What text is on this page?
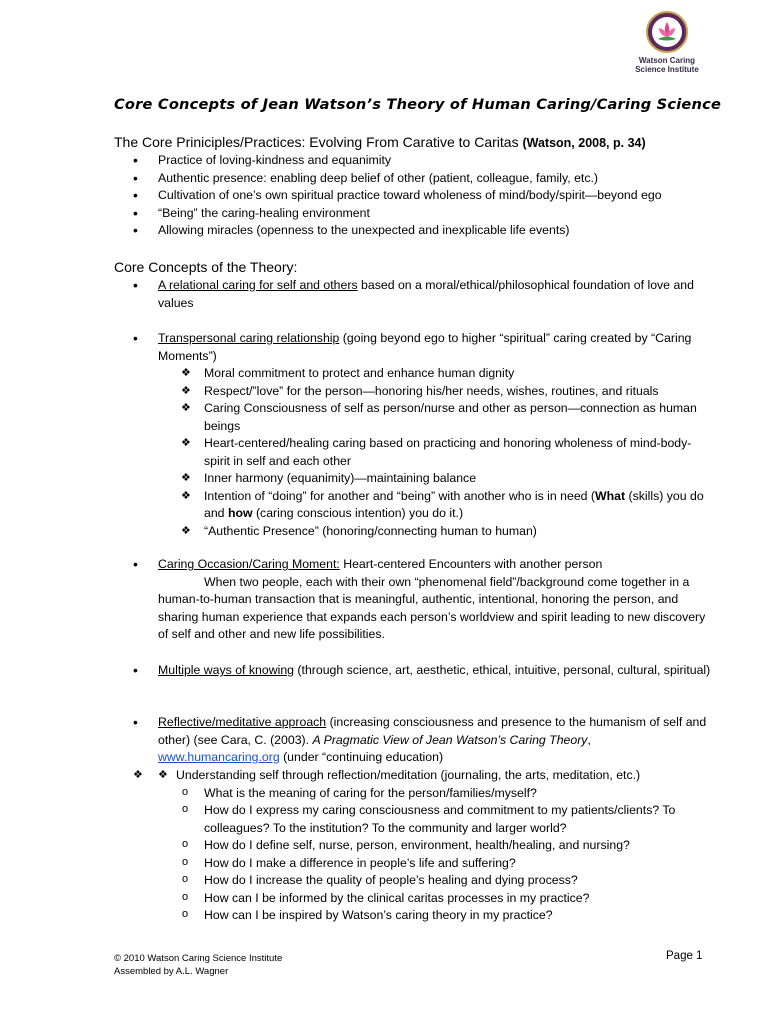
Watson Caring
Science Institute
Core Concepts of Jean Watson’s Theory of Human Caring/Caring Science
The Core Priniciples/Practices: Evolving From Carative to Caritas (Watson, 2008, p. 34)
• Practice of loving-kindness and equanimity
• Authentic presence: enabling deep belief of other (patient, colleague, family, etc.)
• Cultivation of one’s own spiritual practice toward wholeness of mind/body/spirit—beyond ego
• “Being” the caring-healing environment
• Allowing miracles (openness to the unexpected and inexplicable life events)
Core Concepts of the Theory:
• A relational caring for self and others based on a moral/ethical/philosophical foundation of love and values
• Transpersonal caring relationship (going beyond ego to higher “spiritual” caring created by “Caring Moments”)
❖ Moral commitment to protect and enhance human dignity
❖ Respect/”love” for the person—honoring his/her needs, wishes, routines, and rituals
❖ Caring Consciousness of self as person/nurse and other as person—connection as human beings
❖ Heart-centered/healing caring based on practicing and honoring wholeness of mind-body-spirit in self and each other
❖ Inner harmony (equanimity)—maintaining balance
❖ Intention of “doing” for another and “being” with another who is in need (What (skills) you do and how (caring conscious intention) you do it.)
❖ “Authentic Presence” (honoring/connecting human to human)
• Caring Occasion/Caring Moment: Heart-centered Encounters with another person
When two people, each with their own “phenomenal field”/background come together in a human-to-human transaction that is meaningful, authentic, intentional, honoring the person, and sharing human experience that expands each person’s worldview and spirit leading to new discovery of self and other and new life possibilities.
• Multiple ways of knowing (through science, art, aesthetic, ethical, intuitive, personal, cultural, spiritual)
• Reflective/meditative approach (increasing consciousness and presence to the humanism of self and other) (see Cara, C. (2003). A Pragmatic View of Jean Watson’s Caring Theory, www.humancaring.org (under “continuing education)
❖ ❖ Understanding self through reflection/meditation (journaling, the arts, meditation, etc.)
o What is the meaning of caring for the person/families/myself?
o How do I express my caring consciousness and commitment to my patients/clients? To colleagues? To the institution? To the community and larger world?
o How do I define self, nurse, person, environment, health/healing, and nursing?
o How do I make a difference in people’s life and suffering?
o How do I increase the quality of people’s healing and dying process?
o How can I be informed by the clinical caritas processes in my practice?
o How can I be inspired by Watson’s caring theory in my practice?
© 2010 Watson Caring Science Institute
Assembled by A.L. Wagner
Page 1
